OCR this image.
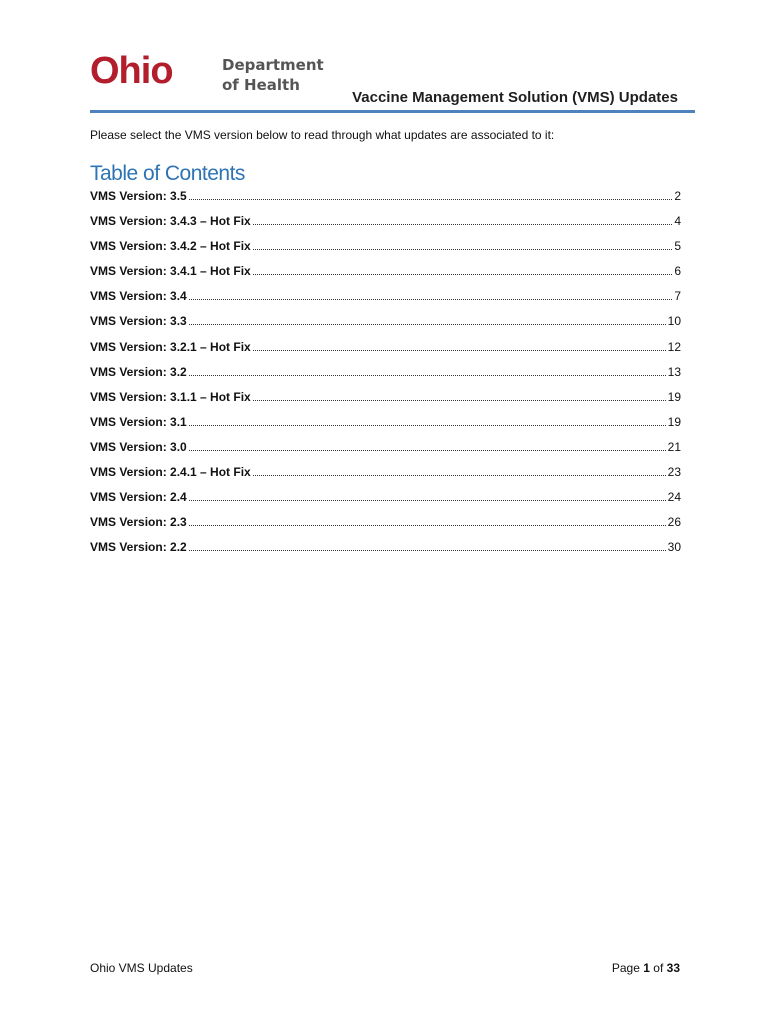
Ohio	Department
of Health
Vaccine Management Solution (VMS) Updates
Please select the VMS version below to read through what updates are associated to it:
Table of Contents
VMS Version: 3.5	2
VMS Version: 3.4.3 – Hot Fix	4
VMS Version: 3.4.2 – Hot Fix	5
VMS Version: 3.4.1 – Hot Fix	6
VMS Version: 3.4	7
VMS Version: 3.3	10
VMS Version: 3.2.1 – Hot Fix	12
VMS Version: 3.2	13
VMS Version: 3.1.1 – Hot Fix	19
VMS Version: 3.1	19
VMS Version: 3.0	21
VMS Version: 2.4.1 – Hot Fix	23
VMS Version: 2.4	24
VMS Version: 2.3	26
VMS Version: 2.2	30
Ohio VMS Updates	Page 1 of 33
